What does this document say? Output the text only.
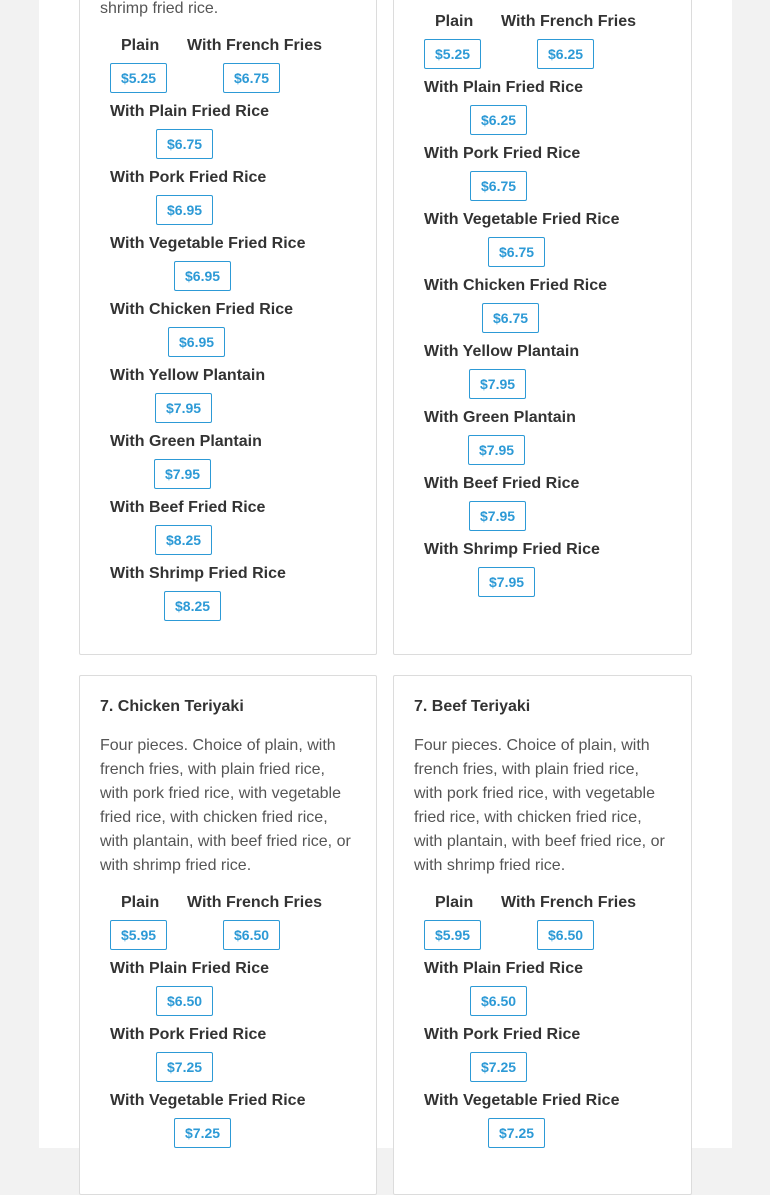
shrimp fried rice.
Plain With French Fries
$5.25	$6.75
With Plain Fried Rice
$6.75
With Pork Fried Rice
$6.95
With Vegetable Fried Rice
$6.95
With Chicken Fried Rice
$6.95
With Yellow Plantain
$7.95
With Green Plantain
$7.95
With Beef Fried Rice
$8.25
With Shrimp Fried Rice
$8.25
Plain With French Fries
$5.25	$6.25
With Plain Fried Rice
$6.25
With Pork Fried Rice
$6.75
With Vegetable Fried Rice
$6.75
With Chicken Fried Rice
$6.75
With Yellow Plantain
$7.95
With Green Plantain
$7.95
With Beef Fried Rice
$7.95
With Shrimp Fried Rice
$7.95
7. Chicken Teriyaki
Four pieces. Choice of plain, with french fries, with plain fried rice, with pork fried rice, with vegetable fried rice, with chicken fried rice, with plantain, with beef fried rice, or with shrimp fried rice.
Plain With French Fries
$5.95	$6.50
With Plain Fried Rice
$6.50
With Pork Fried Rice
$7.25
With Vegetable Fried Rice
$7.25
7. Beef Teriyaki
Four pieces. Choice of plain, with french fries, with plain fried rice, with pork fried rice, with vegetable fried rice, with chicken fried rice, with plantain, with beef fried rice, or with shrimp fried rice.
Plain With French Fries
$5.95	$6.50
With Plain Fried Rice
$6.50
With Pork Fried Rice
$7.25
With Vegetable Fried Rice
$7.25
